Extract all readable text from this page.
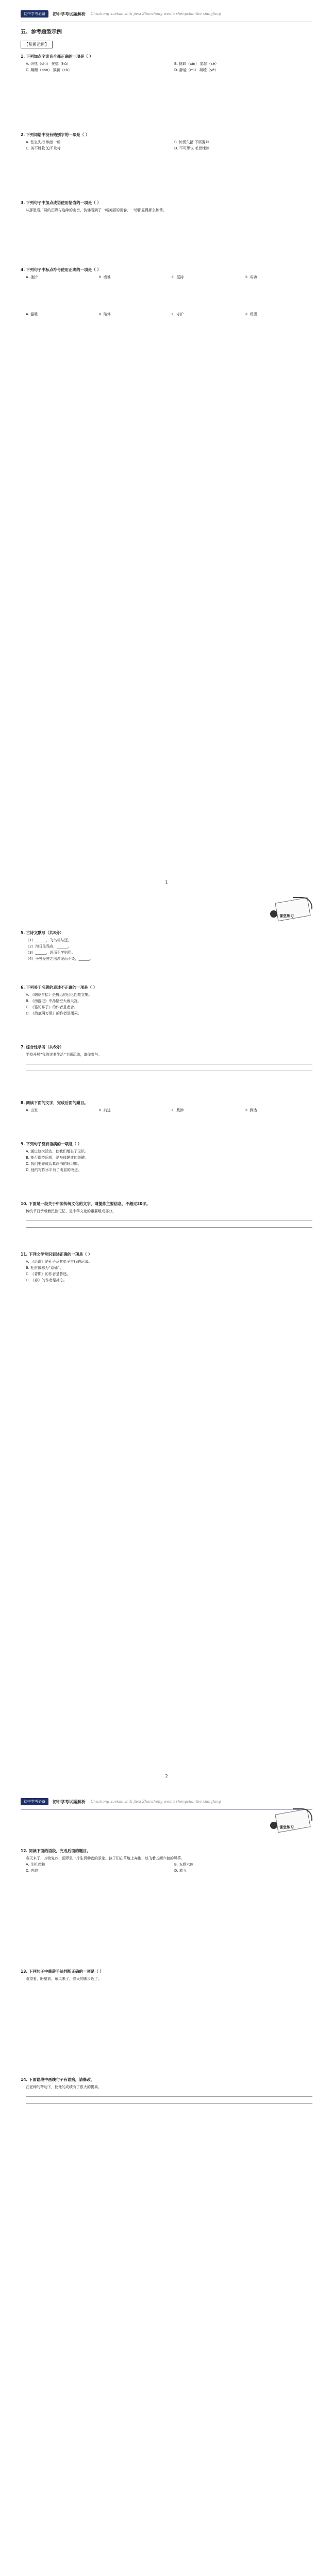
初中学考必备	初中学考试题解析 Chuzhong xuekao shiti jiexi Zhanzhong wenlu shengchanthe xiangfang
五、参考题型示例
【积累运用】
1. 下列加点字读音全都正确的一项是（ ）
A. 炽热（chì） 恍惚（hū）	B. 挑衅（xìn） 瑟瑟（sè）
C. 蹒跚（pán） 簇新（cù）	D. 静谧（mì） 凝噎（yē）
2. 下列词语中没有错别字的一项是（ ）
A. 张皇失措 焕然一新	B. 惊慌失措 不屑置辩
C. 美不胜收 迫不及待	D. 不可思议 毛骨悚然
3. 下列句子中加点成语使用恰当的一项是（ ）
从那里看广阔的田野与连绵的山峦，仿佛看到了一幅美丽的画卷，一切都显得那么和谐。
4. 下列句子中标点符号使用正确的一项是（ ）
A. 挫折	B. 磨难	C. 坚持	D. 成功
A. 温暖	B. 陪伴	C. 守护	D. 希望
1
课堂练习
5. 古诗文默写（共8分）
（1）______，飞鸟相与还。
（2）海日生残夜，______。
（3）______，思而不学则殆。
（4）予独爱莲之出淤泥而不染，______。
6. 下列关于名著的表述不正确的一项是（ ）
A. 《朝花夕拾》是鲁迅的回忆性散文集。
B. 《西游记》中孙悟空大闹天宫。
C. 《骆驼祥子》的作者是老舍。
D. 《海底两万里》的作者是雨果。
7. 综合性学习（共6分）
学校开展“我的读书生活”主题活动，请你参与。
8. 阅读下面的文字，完成后面的题目。
A. 出发	B. 前进	C. 跋涉	D. 到达
9. 下列句子没有语病的一项是（ ）
A. 通过这次活动，使我们增长了见识。
B. 能否保持乐观，是身体健康的关键。
C. 我们要养成认真读书的好习惯。
D. 他的写作水平有了明显的改进。
10. 下面是一段关于中国传统文化的文字，请提炼主要信息，不超过20字。
传统节日承载着民族记忆，是中华文化的重要组成部分。
11. 下列文学常识表述正确的一项是（ ）
A. 《论语》是孔子及其弟子言行的记录。
B. 杜甫被称为“诗仙”。
C. 《背影》的作者是鲁迅。
D. 《春》的作者是冰心。
2
初中学考必备	初中学考试题解析 Chuzhong xuekao shiti jiexi Zhanzhong wenlu shengchanthe xiangfang
课堂练习
12. 阅读下面的语段，完成后面的题目。
春天来了，万物复苏，田野里一片生机勃勃的景象。孩子们在草地上奔跑，放飞着五颜六色的风筝。
A. 生机勃勃	B. 五颜六色
C. 奔跑	D. 放飞
13. 下列句子中修辞手法判断正确的一项是（ ）
盼望着，盼望着，东风来了，春天的脚步近了。
14. 下面语段中画线句子有语病，请修改。
在老师的帮助下，使他的成绩有了很大的提高。
